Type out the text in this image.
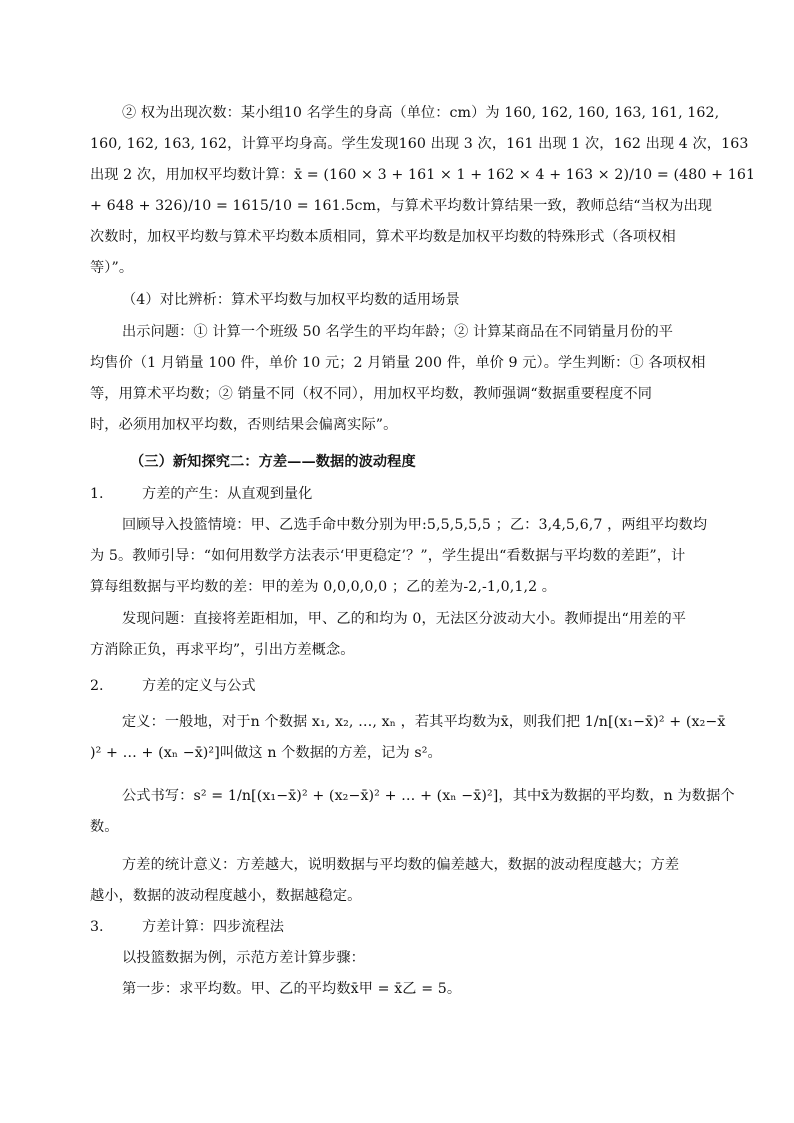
② 权为出现次数：某小组10 名学生的身高（单位：cm）为 160, 162, 160, 163, 161, 162,
160, 162, 163, 162，计算平均身高。学生发现160 出现 3 次，161 出现 1 次，162 出现 4 次，163
出现 2 次，用加权平均数计算：x̄ = (160 × 3 + 161 × 1 + 162 × 4 + 163 × 2)/10 = (480 + 161
+ 648 + 326)/10 = 1615/10 = 161.5cm，与算术平均数计算结果一致，教师总结“当权为出现
次数时，加权平均数与算术平均数本质相同，算术平均数是加权平均数的特殊形式（各项权相
等）”。
（4）对比辨析：算术平均数与加权平均数的适用场景
出示问题：① 计算一个班级 50 名学生的平均年龄；② 计算某商品在不同销量月份的平
均售价（1 月销量 100 件，单价 10 元；2 月销量 200 件，单价 9 元）。学生判断：① 各项权相
等，用算术平均数；② 销量不同（权不同），用加权平均数，教师强调“数据重要程度不同
时，必须用加权平均数，否则结果会偏离实际”。
（三）新知探究二：方差——数据的波动程度
1.	方差的产生：从直观到量化
回顾导入投篮情境：甲、乙选手命中数分别为甲:5,5,5,5,5 ；乙：3,4,5,6,7 ，两组平均数均
为 5。教师引导：“如何用数学方法表示‘甲更稳定’？”，学生提出“看数据与平均数的差距”，计
算每组数据与平均数的差：甲的差为 0,0,0,0,0 ；乙的差为-2,-1,0,1,2 。
发现问题：直接将差距相加，甲、乙的和均为 0，无法区分波动大小。教师提出“用差的平
方消除正负，再求平均”，引出方差概念。
2.	方差的定义与公式
定义：一般地，对于n 个数据 x₁, x₂, …, xₙ ，若其平均数为x̄，则我们把 1/n[(x₁−x̄)² + (x₂−x̄
)² + … + (xₙ −x̄)²]叫做这 n 个数据的方差，记为 s²。
公式书写：s² = 1/n[(x₁−x̄)² + (x₂−x̄)² + … + (xₙ −x̄)²]，其中x̄为数据的平均数，n 为数据个
数。
方差的统计意义：方差越大，说明数据与平均数的偏差越大，数据的波动程度越大；方差
越小，数据的波动程度越小，数据越稳定。
3.	方差计算：四步流程法
以投篮数据为例，示范方差计算步骤：
第一步：求平均数。甲、乙的平均数x̄甲 = x̄乙 = 5。
